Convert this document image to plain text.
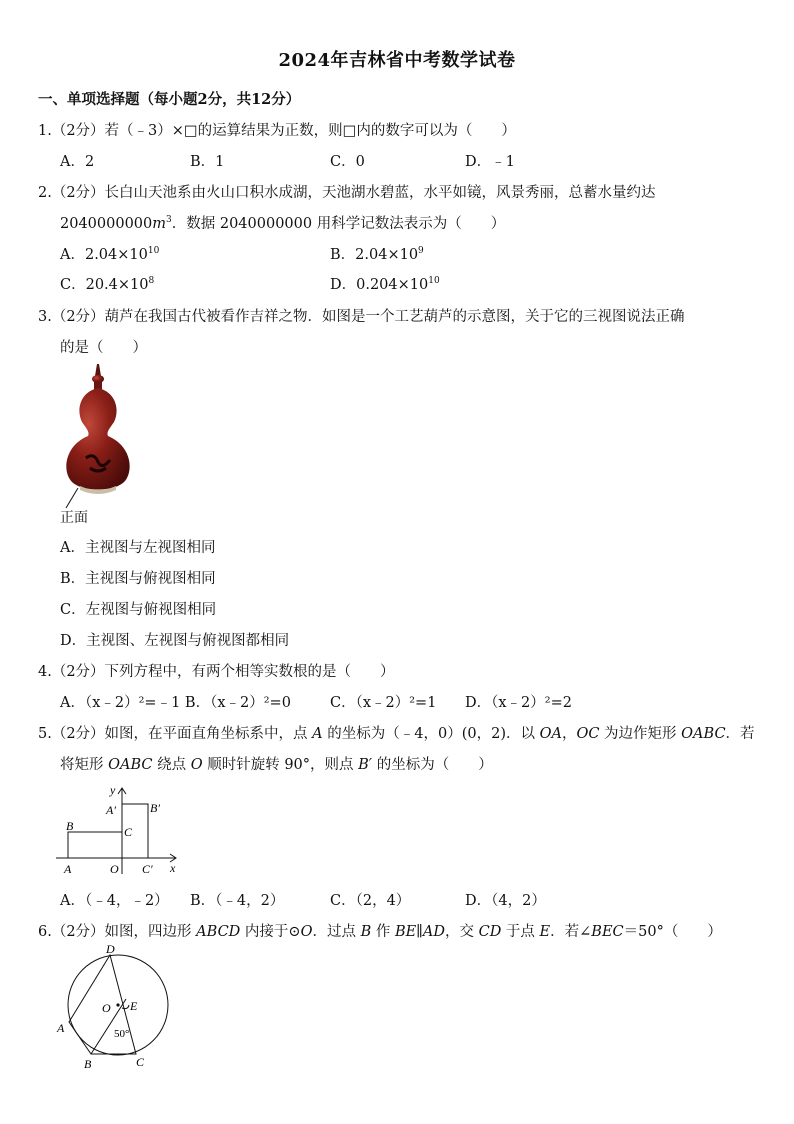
2024年吉林省中考数学试卷
一、单项选择题（每小题2分，共12分）
1.（2分）若（﹣3）×□的运算结果为正数，则□内的数字可以为（　　）
A．2	B．1	C．0	D．﹣1
2.（2分）长白山天池系由火山口积水成湖，天池湖水碧蓝，水平如镜，风景秀丽，总蓄水量约达
$2040000000m^3$．数据 2040000000 用科学记数法表示为（　　）
A．$2.04\times 10^{10}$	B．$2.04\times 10^9$
C．$20.4\times 10^8$	D．$0.204\times 10^{10}$
3.（2分）葫芦在我国古代被看作吉祥之物．如图是一个工艺葫芦的示意图，关于它的三视图说法正确
的是（　　）
正面
A．主视图与左视图相同
B．主视图与俯视图相同
C．左视图与俯视图相同
D．主视图、左视图与俯视图都相同
4.（2分）下列方程中，有两个相等实数根的是（　　）
A．（x﹣2）²=﹣1 B．（x﹣2）²=0	C．（x﹣2）²=1 D．（x﹣2）²=2
5.（2分）如图，在平面直角坐标系中，点 A 的坐标为（﹣4，0）(0，2)．以 OA，OC 为边作矩形 OABC．若
将矩形 OABC 绕点 O 顺时针旋转 90°，则点 B′ 的坐标为（　　）
y
x
A′	B′
B	C
A	O C′
A．（﹣4，﹣2） B．（﹣4，2）	C．（2，4）	D．（4，2）
6.（2分）如图，四边形 ABCD 内接于⊙O．过点 B 作 BE∥AD，交 CD 于点 E．若∠BEC＝50°（　　）
D
O E
A	50°
B	C
